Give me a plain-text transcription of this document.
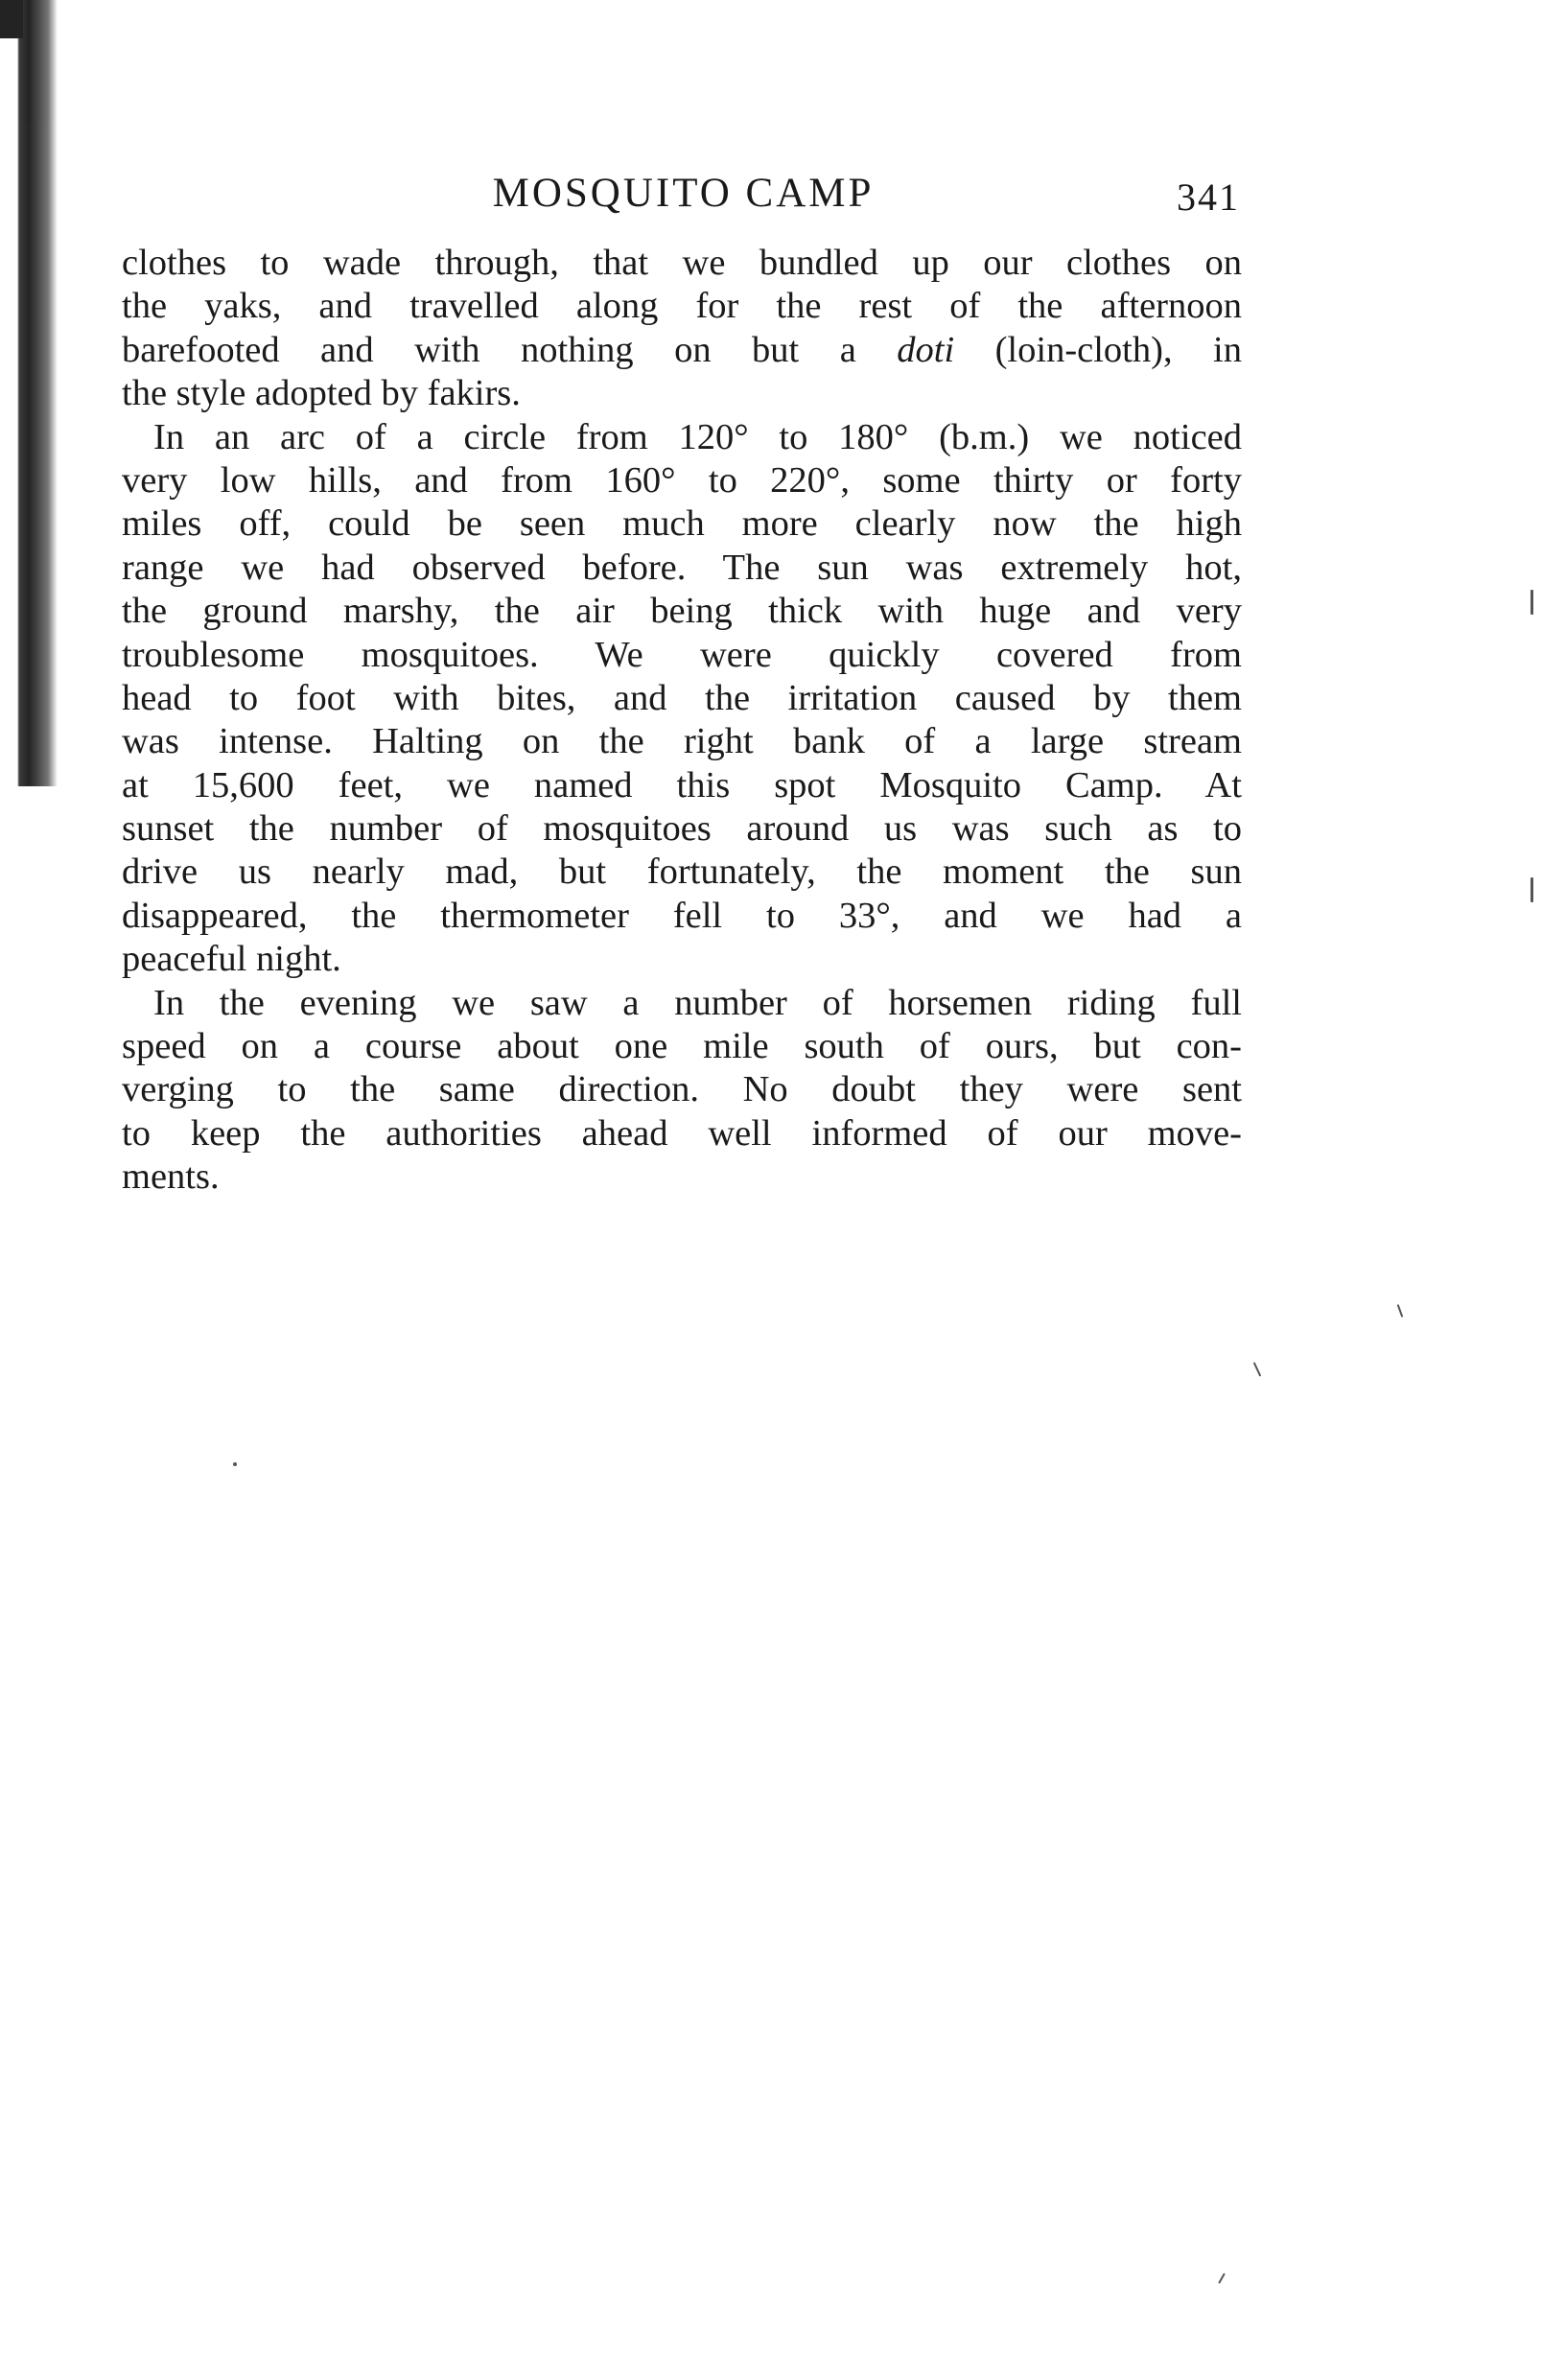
MOSQUITO CAMP	341
clothes to wade through, that we bundled up our clothes on
the yaks, and travelled along for the rest of the afternoon
barefooted and with nothing on but a doti (loin-cloth), in
the style adopted by fakirs.
In an arc of a circle from 120° to 180° (b.m.) we noticed
very low hills, and from 160° to 220°, some thirty or forty
miles off, could be seen much more clearly now the high
range we had observed before. The sun was extremely hot,
the ground marshy, the air being thick with huge and very
troublesome mosquitoes. We were quickly covered from
head to foot with bites, and the irritation caused by them
was intense. Halting on the right bank of a large stream
at 15,600 feet, we named this spot Mosquito Camp. At
sunset the number of mosquitoes around us was such as to
drive us nearly mad, but fortunately, the moment the sun
disappeared, the thermometer fell to 33°, and we had a
peaceful night.
In the evening we saw a number of horsemen riding full
speed on a course about one mile south of ours, but con-
verging to the same direction. No doubt they were sent
to keep the authorities ahead well informed of our move-
ments.
